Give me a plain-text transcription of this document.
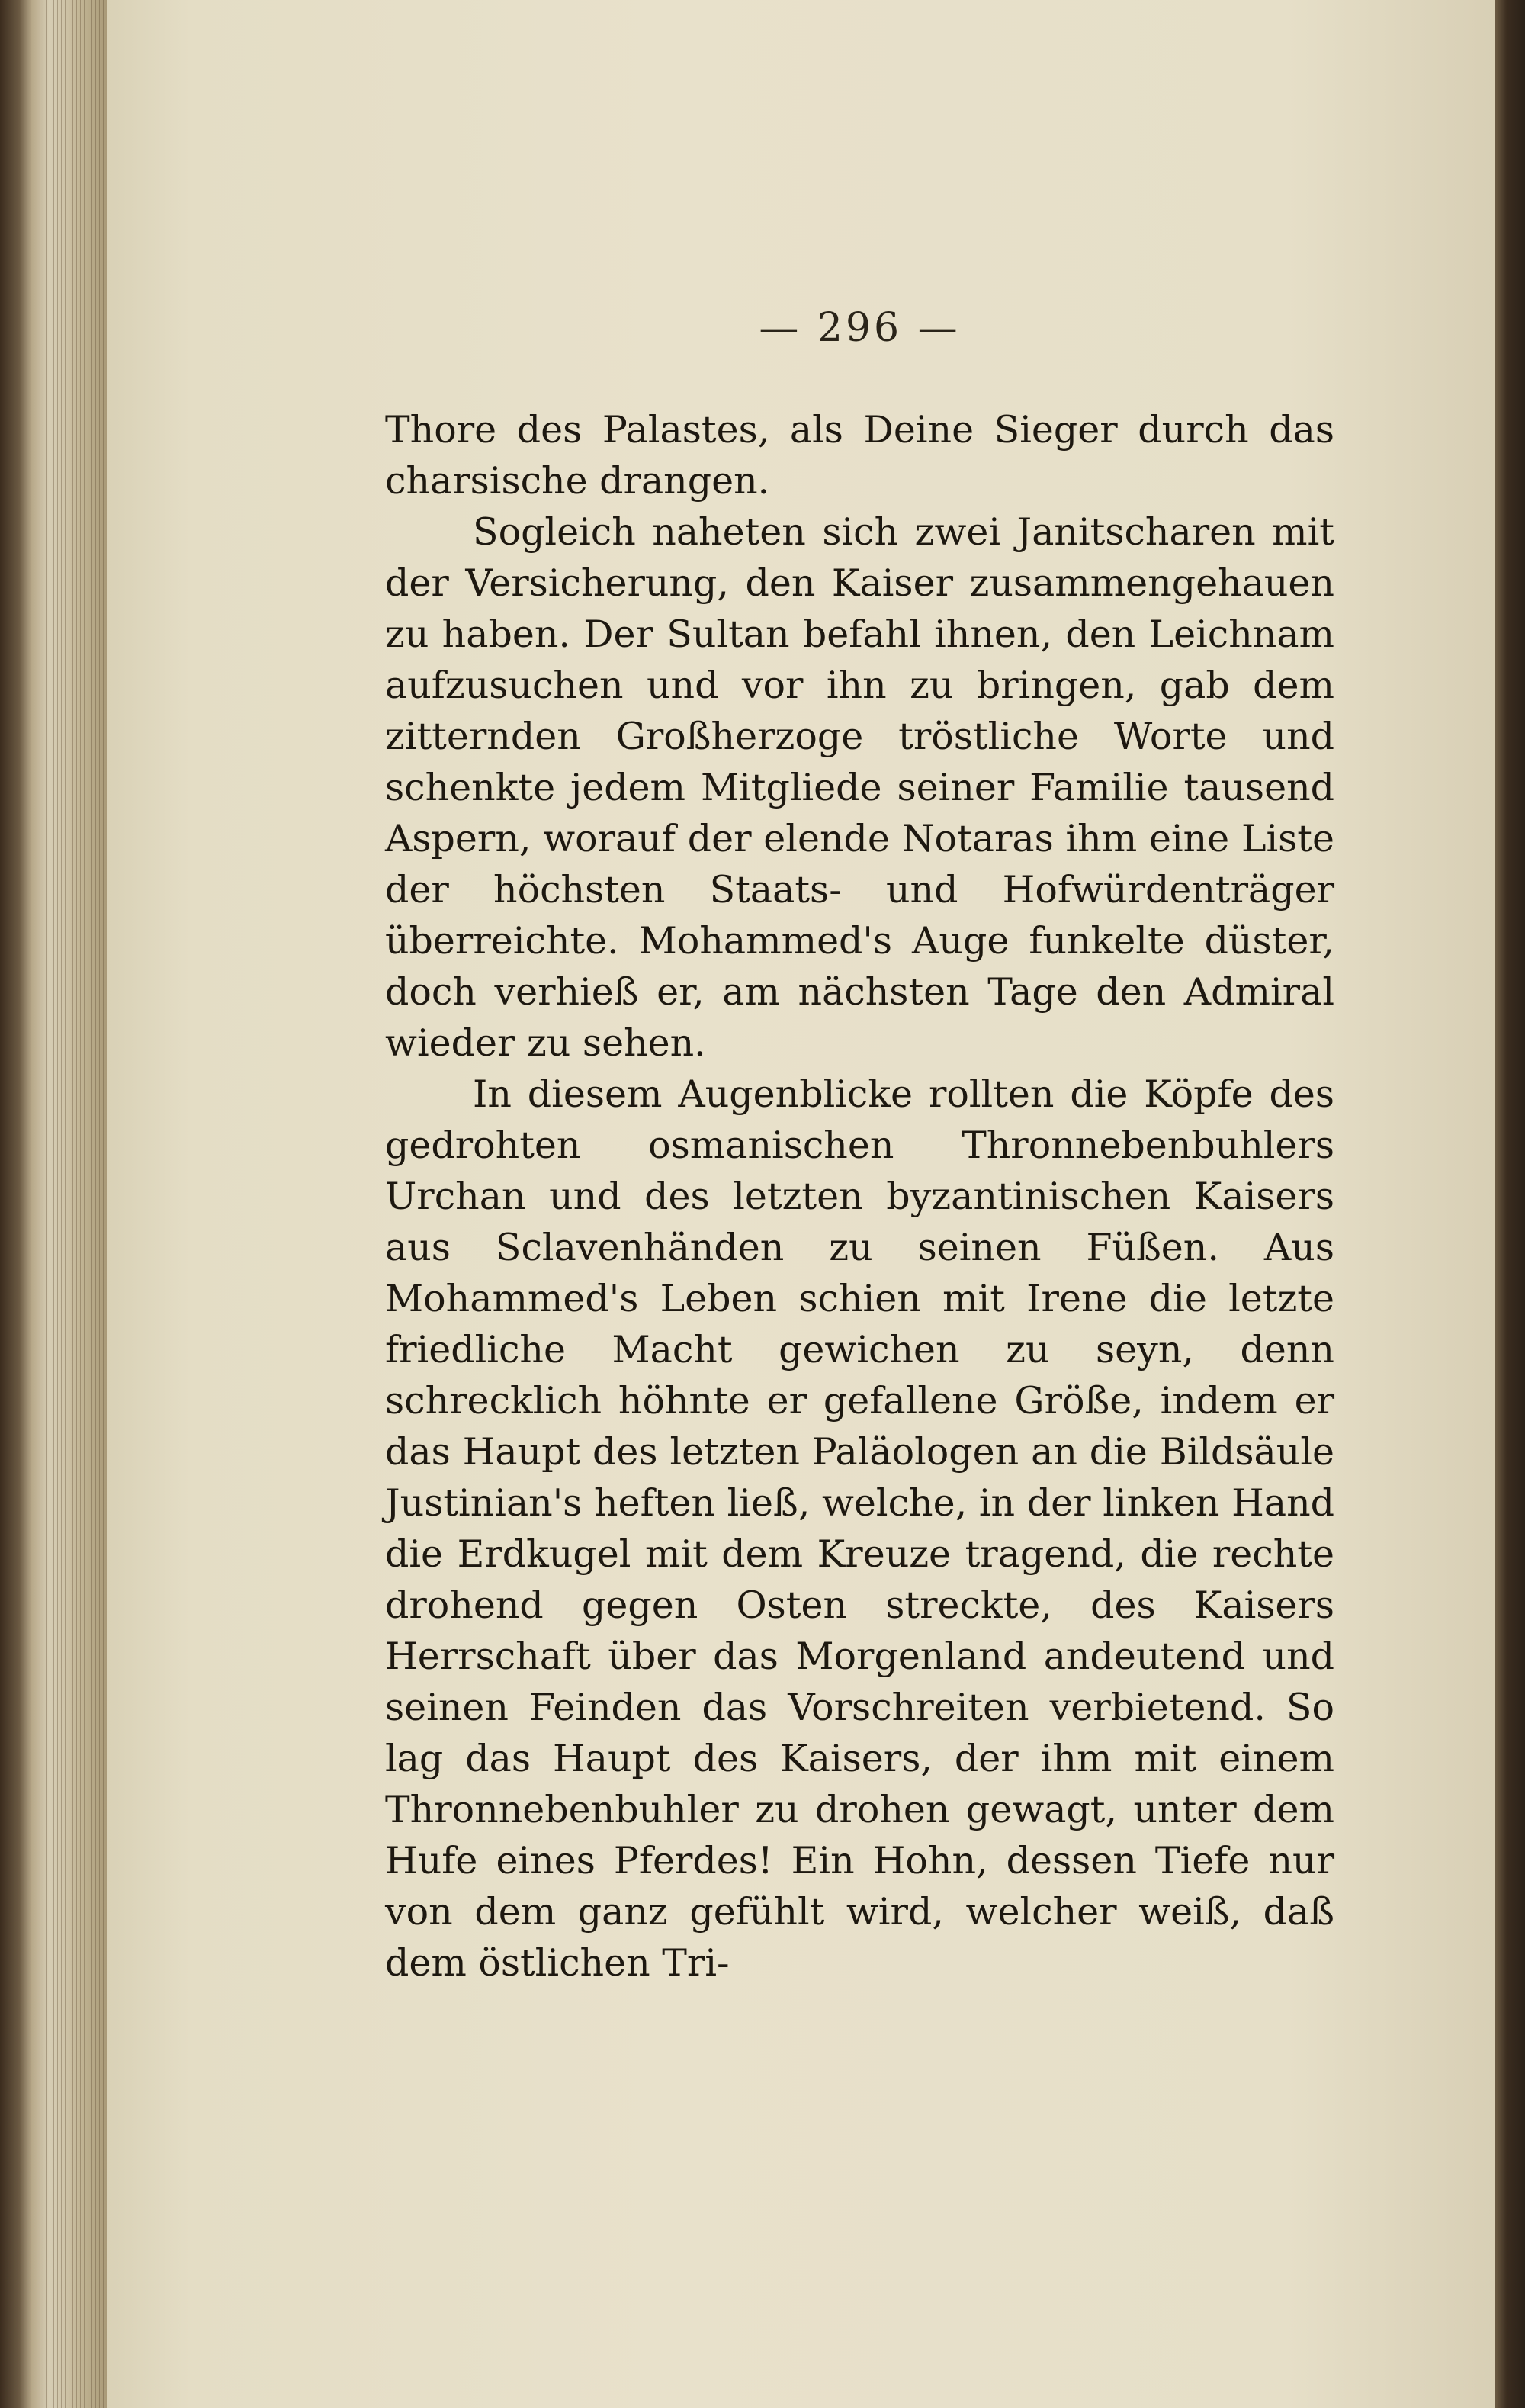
— 296 —

Thore des Palastes, als Deine Sieger durch das charsische drangen.

Sogleich naheten sich zwei Janitscharen mit der Versicherung, den Kaiser zusammengehauen zu haben. Der Sultan befahl ihnen, den Leichnam aufzusuchen und vor ihn zu bringen, gab dem zitternden Großherzoge tröstliche Worte und schenkte jedem Mitgliede seiner Familie tausend Aspern, worauf der elende Notaras ihm eine Liste der höchsten Staats- und Hofwürdenträger überreichte. Mohammed's Auge funkelte düster, doch verhieß er, am nächsten Tage den Admiral wieder zu sehen.

In diesem Augenblicke rollten die Köpfe des gedrohten osmanischen Thronnebenbuhlers Urchan und des letzten byzantinischen Kaisers aus Sclavenhänden zu seinen Füßen. Aus Mohammed's Leben schien mit Irene die letzte friedliche Macht gewichen zu seyn, denn schrecklich höhnte er gefallene Größe, indem er das Haupt des letzten Paläologen an die Bildsäule Justinian's heften ließ, welche, in der linken Hand die Erdkugel mit dem Kreuze tragend, die rechte drohend gegen Osten streckte, des Kaisers Herrschaft über das Morgenland andeutend und seinen Feinden das Vorschreiten verbietend. So lag das Haupt des Kaisers, der ihm mit einem Thronnebenbuhler zu drohen gewagt, unter dem Hufe eines Pferdes! Ein Hohn, dessen Tiefe nur von dem ganz gefühlt wird, welcher weiß, daß dem östlichen Tri-
